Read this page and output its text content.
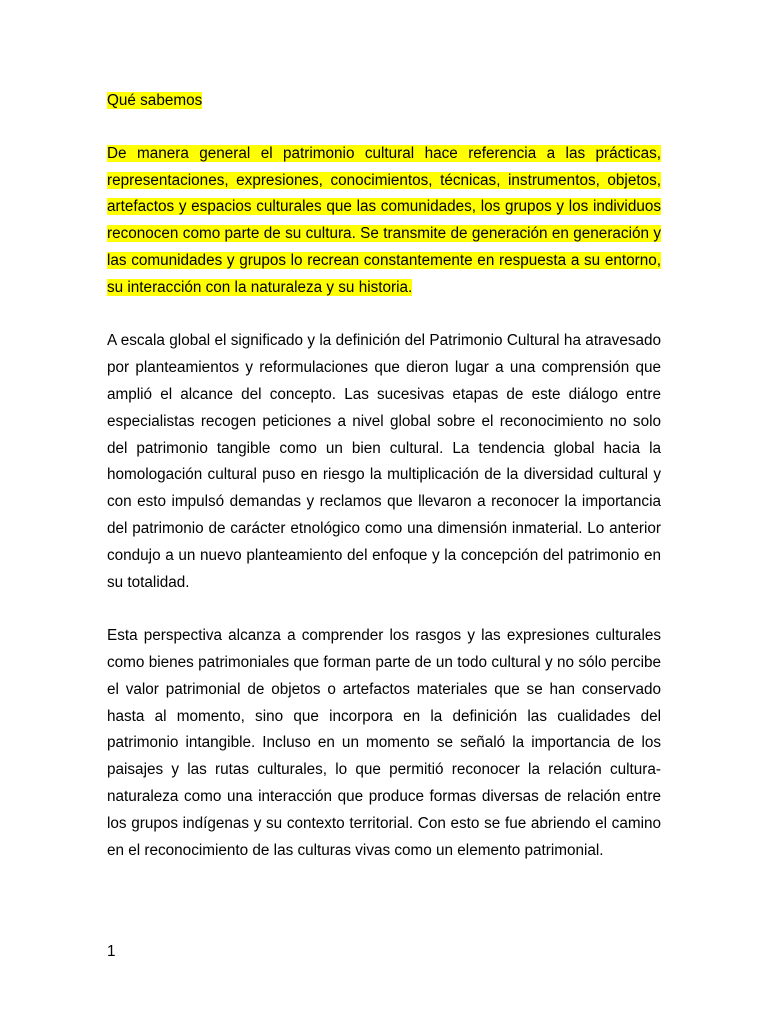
Qué sabemos

De manera general el patrimonio cultural hace referencia a las prácticas, representaciones, expresiones, conocimientos, técnicas, instrumentos, objetos, artefactos y espacios culturales que las comunidades, los grupos y los individuos reconocen como parte de su cultura. Se transmite de generación en generación y las comunidades y grupos lo recrean constantemente en respuesta a su entorno, su interacción con la naturaleza y su historia.

A escala global el significado y la definición del Patrimonio Cultural ha atravesado por planteamientos y reformulaciones que dieron lugar a una comprensión que amplió el alcance del concepto. Las sucesivas etapas de este diálogo entre especialistas recogen peticiones a nivel global sobre el reconocimiento no solo del patrimonio tangible como un bien cultural. La tendencia global hacia la homologación cultural puso en riesgo la multiplicación de la diversidad cultural y con esto impulsó demandas y reclamos que llevaron a reconocer la importancia del patrimonio de carácter etnológico como una dimensión inmaterial. Lo anterior condujo a un nuevo planteamiento del enfoque y la concepción del patrimonio en su totalidad.

Esta perspectiva alcanza a comprender los rasgos y las expresiones culturales como bienes patrimoniales que forman parte de un todo cultural y no sólo percibe el valor patrimonial de objetos o artefactos materiales que se han conservado hasta al momento, sino que incorpora en la definición las cualidades del patrimonio intangible. Incluso en un momento se señaló la importancia de los paisajes y las rutas culturales, lo que permitió reconocer la relación cultura-naturaleza como una interacción que produce formas diversas de relación entre los grupos indígenas y su contexto territorial. Con esto se fue abriendo el camino en el reconocimiento de las culturas vivas como un elemento patrimonial.

1
